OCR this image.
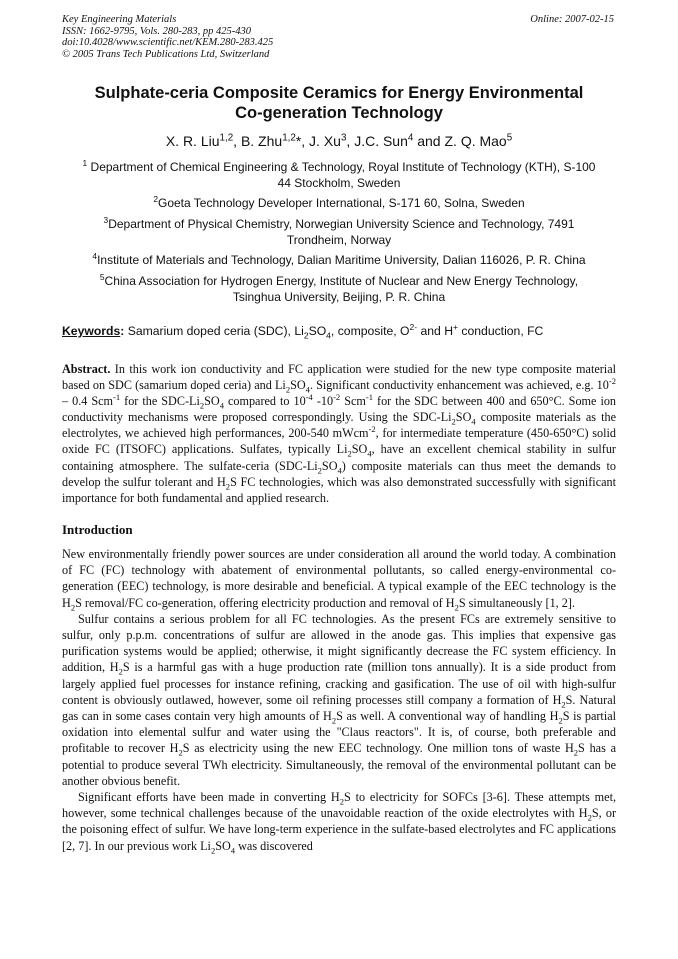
Key Engineering Materials
ISSN: 1662-9795, Vols. 280-283, pp 425-430
doi:10.4028/www.scientific.net/KEM.280-283.425
© 2005 Trans Tech Publications Ltd, Switzerland
Online: 2007-02-15
Sulphate-ceria Composite Ceramics for Energy Environmental
Co-generation Technology
X. R. Liu$^{1,2}$, B. Zhu$^{1,2}$*, J. Xu$^3$, J.C. Sun$^4$ and Z. Q. Mao$^5$
$^1$ Department of Chemical Engineering & Technology, Royal Institute of Technology (KTH), S-100
44 Stockholm, Sweden
$^2$Goeta Technology Developer International, S-171 60, Solna, Sweden
$^3$Department of Physical Chemistry, Norwegian University Science and Technology, 7491
Trondheim, Norway
$^4$Institute of Materials and Technology, Dalian Maritime University, Dalian 116026, P. R. China
$^5$China Association for Hydrogen Energy, Institute of Nuclear and New Energy Technology,
Tsinghua University, Beijing, P. R. China
Keywords: Samarium doped ceria (SDC), $Li_2SO_4$, composite, $O^{2-}$ and H+ conduction, FC
Abstract. In this work ion conductivity and FC application were studied for the new type composite material based on SDC (samarium doped ceria) and $Li_2SO_4$. Significant conductivity enhancement was achieved, e.g. $10^{-2} - 0.4$ Scm$^{-1}$ for the SDC-$Li_2SO_4$ compared to $10^{-4}$ $-10^{-2}$ Scm$^{-1}$ for the SDC between 400 and 650°C. Some ion conductivity mechanisms were proposed correspondingly. Using the SDC-$Li_2SO_4$ composite materials as the electrolytes, we achieved high performances, 200-540 mWcm$^{-2}$, for intermediate temperature (450-650°C) solid oxide FC (ITSOFC) applications. Sulfates, typically $Li_2SO_4$, have an excellent chemical stability in sulfur containing atmosphere. The sulfate-ceria $(SDC-Li_2SO_4)$ composite materials can thus meet the demands to develop the sulfur tolerant and $H_2S$ FC technologies, which was also demonstrated successfully with significant importance for both fundamental and applied research.
Introduction

New environmentally friendly power sources are under consideration all around the world today. A combination of FC (FC) technology with abatement of environmental pollutants, so called energy-environmental co-generation (EEC) technology, is more desirable and beneficial. A typical example of the EEC technology is the $H_2S$ removal/FC co-generation, offering electricity production and removal of $H_2S$ simultaneously [1, 2].

Sulfur contains a serious problem for all FC technologies. As the present FCs are extremely sensitive to sulfur, only p.p.m. concentrations of sulfur are allowed in the anode gas. This implies that expensive gas purification systems would be applied; otherwise, it might significantly decrease the FC system efficiency. In addition, $H_2S$ is a harmful gas with a huge production rate (million tons annually). It is a side product from largely applied fuel processes for instance refining, cracking and gasification. The use of oil with high-sulfur content is obviously outlawed, however, some oil refining processes still company a formation of $H_2S$. Natural gas can in some cases contain very high amounts of $H_2S$ as well. A conventional way of handling $H_2S$ is partial oxidation into elemental sulfur and water using the "Claus reactors". It is, of course, both preferable and profitable to recover $H_2S$ as electricity using the new EEC technology. One million tons of waste $H_2S$ has a potential to produce several TWh electricity. Simultaneously, the removal of the environmental pollutant can be another obvious benefit.

Significant efforts have been made in converting $H_2S$ to electricity for SOFCs [3-6]. These attempts met, however, some technical challenges because of the unavoidable reaction of the oxide electrolytes with $H_2S$, or the poisoning effect of sulfur. We have long-term experience in the sulfate-based electrolytes and FC applications [2, 7]. In our previous work $Li_2SO_4$ was discovered
